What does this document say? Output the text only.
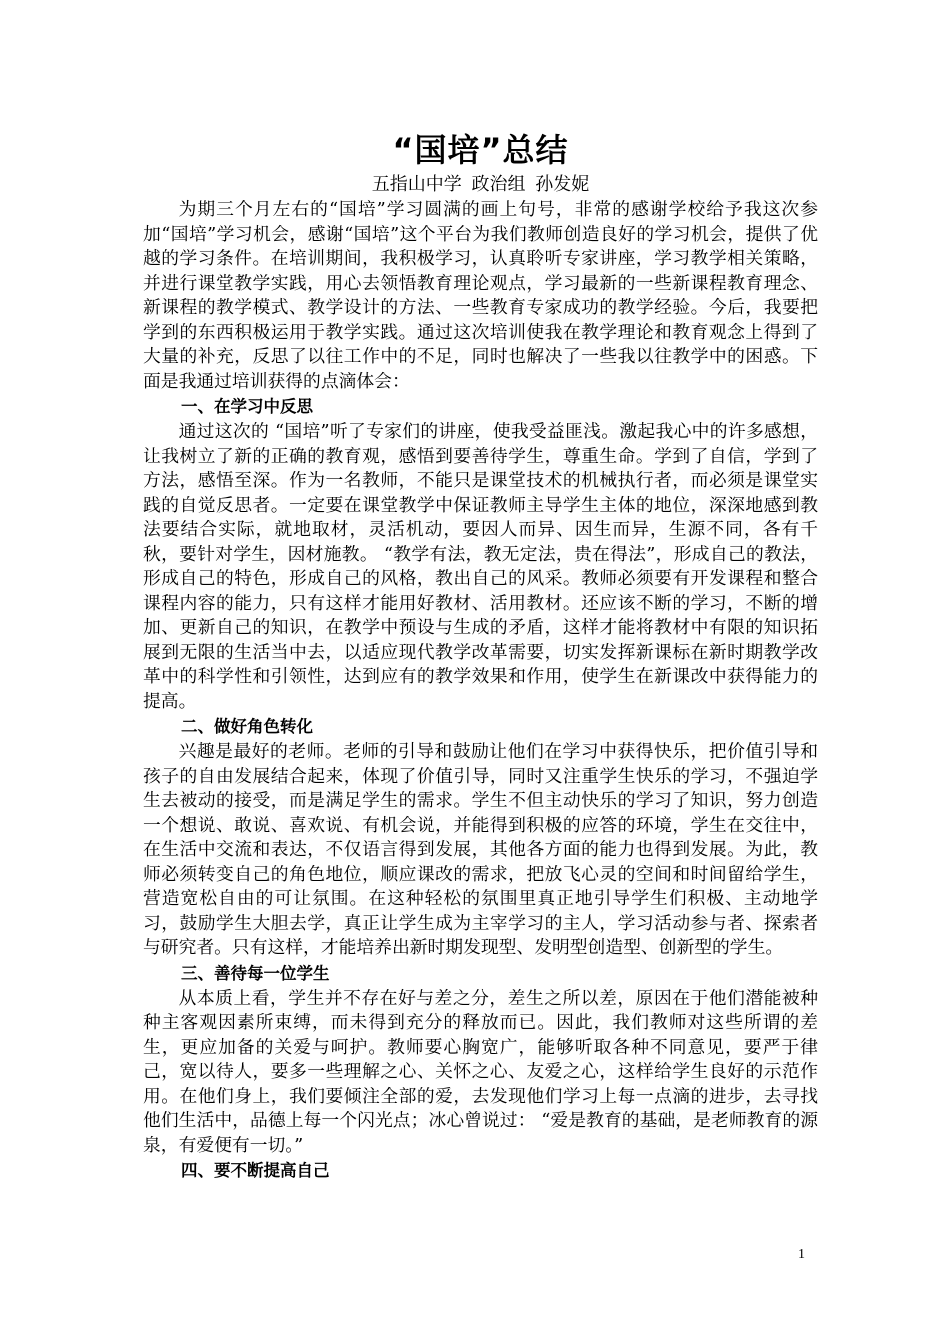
“国培”总结

五指山中学 政治组 孙发妮

为期三个月左右的“国培”学习圆满的画上句号，非常的感谢学校给予我这次参加“国培”学习机会，感谢“国培”这个平台为我们教师创造良好的学习机会，提供了优越的学习条件。在培训期间，我积极学习，认真聆听专家讲座，学习教学相关策略，并进行课堂教学实践，用心去领悟教育理论观点，学习最新的一些新课程教育理念、新课程的教学模式、教学设计的方法、一些教育专家成功的教学经验。今后，我要把学到的东西积极运用于教学实践。通过这次培训使我在教学理论和教育观念上得到了大量的补充，反思了以往工作中的不足，同时也解决了一些我以往教学中的困惑。下面是我通过培训获得的点滴体会：

一、在学习中反思

通过这次的 “国培”听了专家们的讲座，使我受益匪浅。激起我心中的许多感想，让我树立了新的正确的教育观，感悟到要善待学生，尊重生命。学到了自信，学到了方法，感悟至深。作为一名教师，不能只是课堂技术的机械执行者，而必须是课堂实践的自觉反思者。一定要在课堂教学中保证教师主导学生主体的地位，深深地感到教法要结合实际，就地取材，灵活机动，要因人而异、因生而异，生源不同，各有千秋，要针对学生，因材施教。 “教学有法，教无定法，贵在得法”，形成自己的教法，形成自己的特色，形成自己的风格，教出自己的风采。教师必须要有开发课程和整合课程内容的能力，只有这样才能用好教材、活用教材。还应该不断的学习，不断的增加、更新自己的知识，在教学中预设与生成的矛盾，这样才能将教材中有限的知识拓展到无限的生活当中去，以适应现代教学改革需要，切实发挥新课标在新时期教学改革中的科学性和引领性，达到应有的教学效果和作用，使学生在新课改中获得能力的提高。

二、做好角色转化

兴趣是最好的老师。老师的引导和鼓励让他们在学习中获得快乐，把价值引导和孩子的自由发展结合起来，体现了价值引导，同时又注重学生快乐的学习，不强迫学生去被动的接受，而是满足学生的需求。学生不但主动快乐的学习了知识，努力创造一个想说、敢说、喜欢说、有机会说，并能得到积极的应答的环境，学生在交往中，在生活中交流和表达，不仅语言得到发展，其他各方面的能力也得到发展。为此，教师必须转变自己的角色地位，顺应课改的需求，把放飞心灵的空间和时间留给学生，营造宽松自由的可让氛围。在这种轻松的氛围里真正地引导学生们积极、主动地学习，鼓励学生大胆去学，真正让学生成为主宰学习的主人，学习活动参与者、探索者与研究者。只有这样，才能培养出新时期发现型、发明型创造型、创新型的学生。

三、善待每一位学生

从本质上看，学生并不存在好与差之分，差生之所以差，原因在于他们潜能被种种主客观因素所束缚，而未得到充分的释放而已。因此，我们教师对这些所谓的差生，更应加备的关爱与呵护。教师要心胸宽广，能够听取各种不同意见，要严于律己，宽以待人，要多一些理解之心、关怀之心、友爱之心，这样给学生良好的示范作用。在他们身上，我们要倾注全部的爱，去发现他们学习上每一点滴的进步，去寻找他们生活中，品德上每一个闪光点；冰心曾说过： “爱是教育的基础，是老师教育的源泉，有爱便有一切。”

四、要不断提高自己

1
